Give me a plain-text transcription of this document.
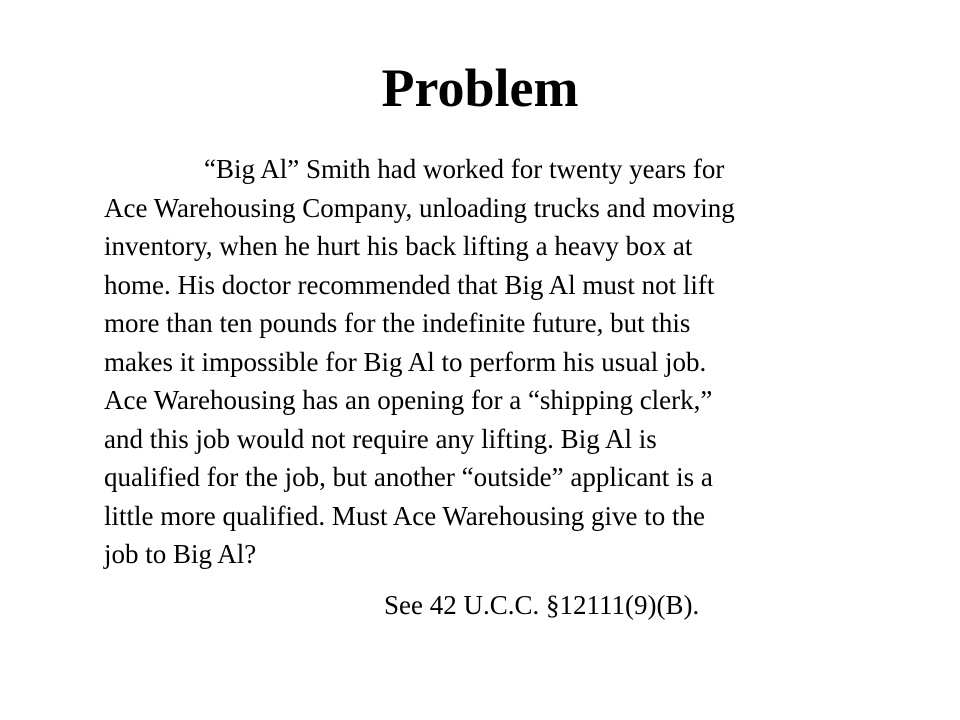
Problem
“Big Al” Smith had worked for twenty years for
Ace Warehousing Company, unloading trucks and moving
inventory, when he hurt his back lifting a heavy box at
home. His doctor recommended that Big Al must not lift
more than ten pounds for the indefinite future, but this
makes it impossible for Big Al to perform his usual job.
Ace Warehousing has an opening for a “shipping clerk,”
and this job would not require any lifting. Big Al is
qualified for the job, but another “outside” applicant is a
little more qualified. Must Ace Warehousing give to the
job to Big Al?

See 42 U.C.C. §12111(9)(B).
